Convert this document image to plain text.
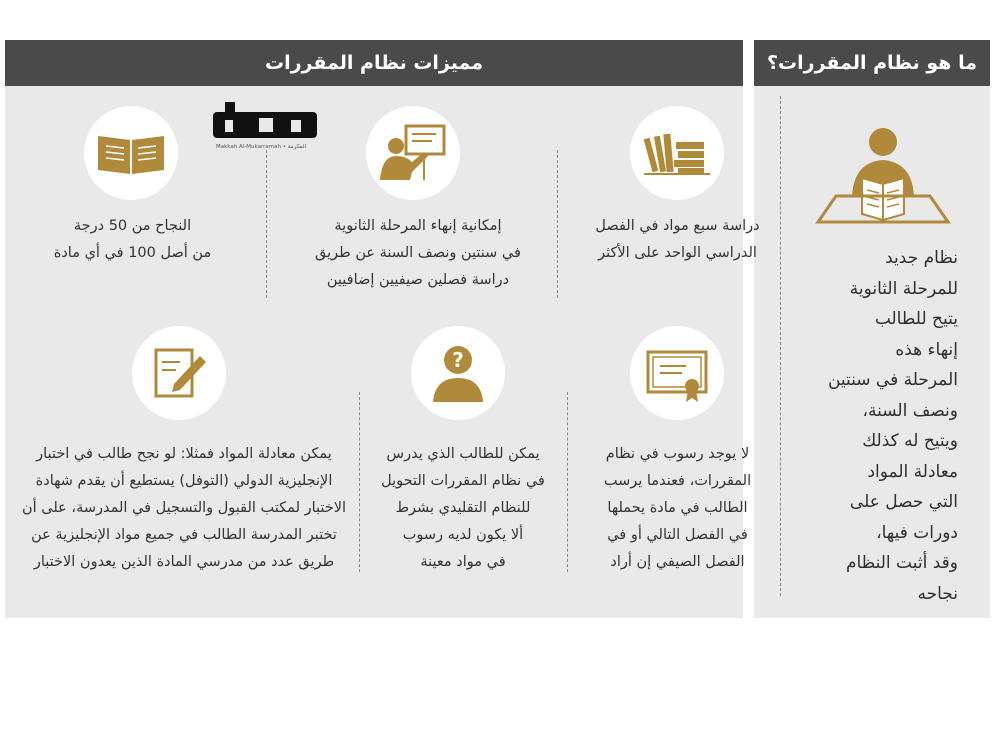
مميزات نظام المقررات	ما هو نظام المقررات؟
نظام جديد
للمرحلة الثانوية
يتيح للطالب
إنهاء هذه
المرحلة في سنتين
ونصف السنة،
ويتيح له كذلك
معادلة المواد
التي حصل على
دورات فيها،
وقد أثبت النظام
نجاحه
Makkah Al-Mukarramah • المكرمة
دراسة سبع مواد في الفصل
الدراسي الواحد على الأكثر
إمكانية إنهاء المرحلة الثانوية
في سنتين ونصف السنة عن طريق
دراسة فصلين صيفيين إضافيين
النجاح من 50 درجة
من أصل 100 في أي مادة
?
لا يوجد رسوب في نظام
المقررات، فعندما يرسب
الطالب في مادة يحملها
في الفصل التالي أو في
الفصل الصيفي إن أراد
يمكن للطالب الذي يدرس
في نظام المقررات التحويل
للنظام التقليدي بشرط
ألا يكون لديه رسوب
في مواد معينة
يمكن معادلة المواد فمثلا: لو نجح طالب في اختبار
الإنجليزية الدولي (التوفل) يستطيع أن يقدم شهادة
الاختبار لمكتب القبول والتسجيل في المدرسة، على أن
تختبر المدرسة الطالب في جميع مواد الإنجليزية عن
طريق عدد من مدرسي المادة الذين يعدون الاختبار
